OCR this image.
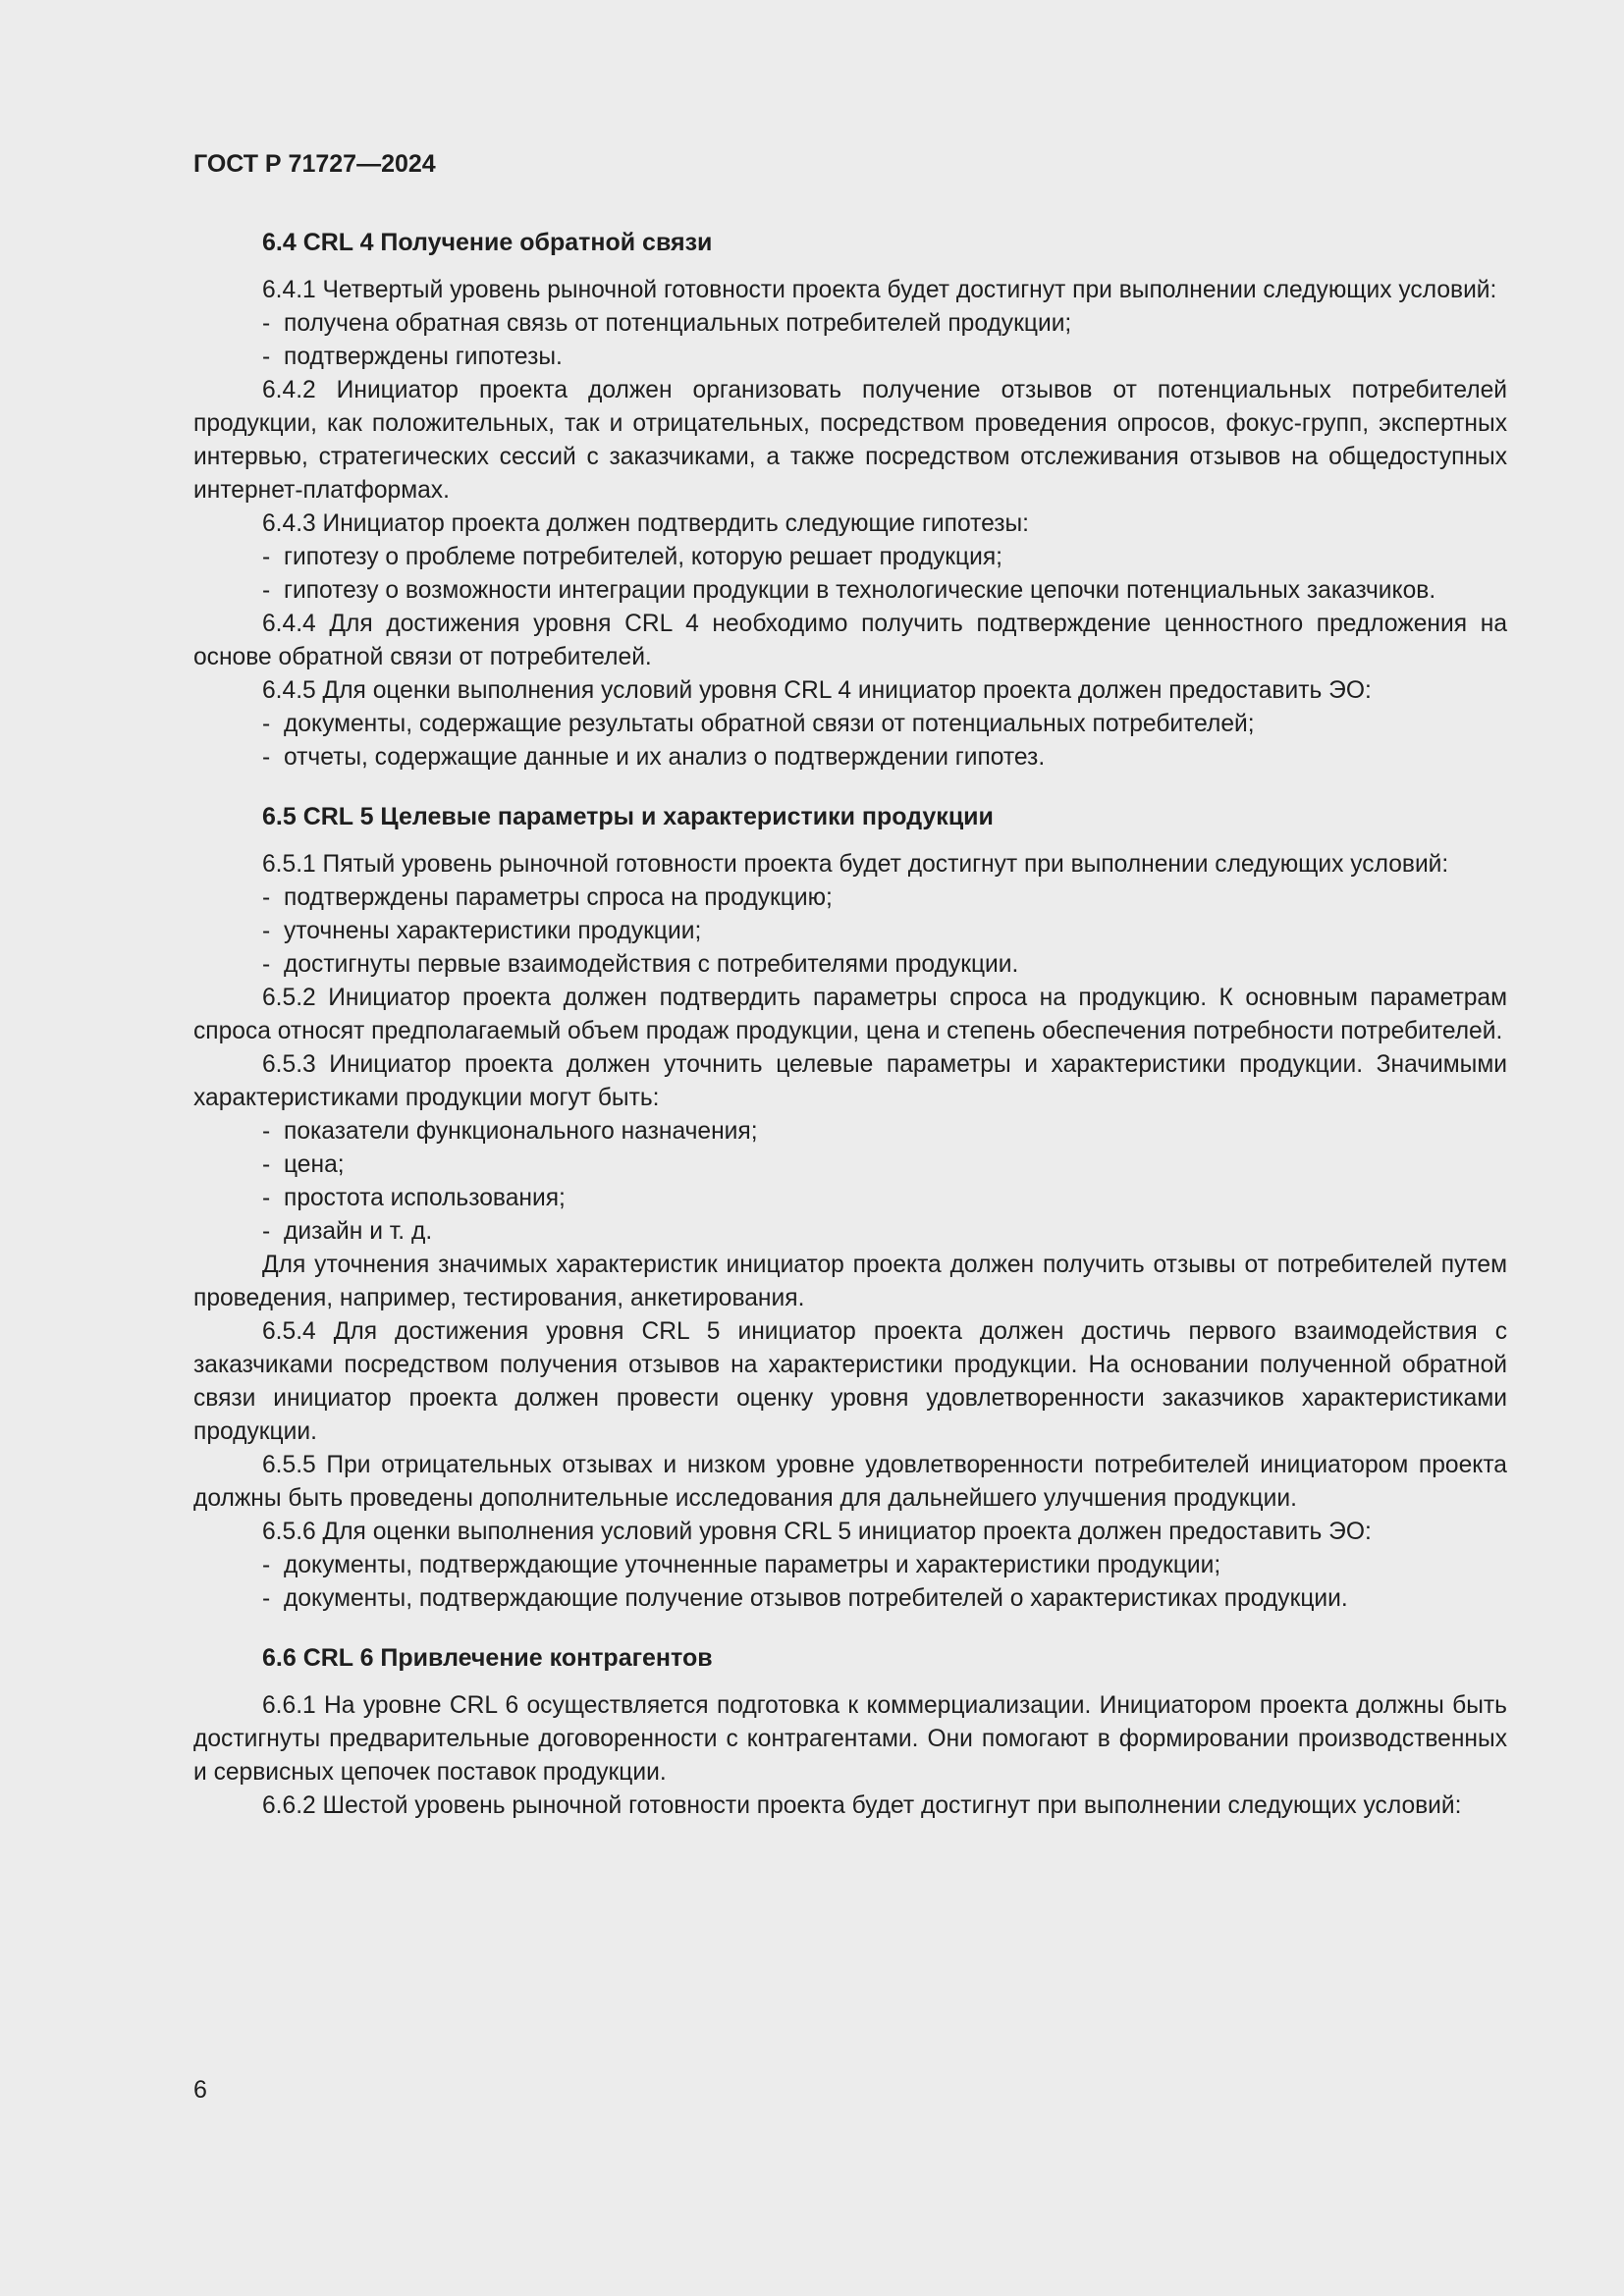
ГОСТ Р 71727—2024
6.4 CRL 4 Получение обратной связи

6.4.1 Четвертый уровень рыночной готовности проекта будет достигнут при выполнении следующих условий:

- получена обратная связь от потенциальных потребителей продукции;

- подтверждены гипотезы.

6.4.2 Инициатор проекта должен организовать получение отзывов от потенциальных потребителей продукции, как положительных, так и отрицательных, посредством проведения опросов, фокус-групп, экспертных интервью, стратегических сессий с заказчиками, а также посредством отслеживания отзывов на общедоступных интернет-платформах.

6.4.3 Инициатор проекта должен подтвердить следующие гипотезы:

- гипотезу о проблеме потребителей, которую решает продукция;

- гипотезу о возможности интеграции продукции в технологические цепочки потенциальных заказчиков.

6.4.4 Для достижения уровня CRL 4 необходимо получить подтверждение ценностного предложения на основе обратной связи от потребителей.

6.4.5 Для оценки выполнения условий уровня CRL 4 инициатор проекта должен предоставить ЭО:

- документы, содержащие результаты обратной связи от потенциальных потребителей;

- отчеты, содержащие данные и их анализ о подтверждении гипотез.

6.5 CRL 5 Целевые параметры и характеристики продукции

6.5.1 Пятый уровень рыночной готовности проекта будет достигнут при выполнении следующих условий:

- подтверждены параметры спроса на продукцию;

- уточнены характеристики продукции;

- достигнуты первые взаимодействия с потребителями продукции.

6.5.2 Инициатор проекта должен подтвердить параметры спроса на продукцию. К основным параметрам спроса относят предполагаемый объем продаж продукции, цена и степень обеспечения потребности потребителей.

6.5.3 Инициатор проекта должен уточнить целевые параметры и характеристики продукции. Значимыми характеристиками продукции могут быть:

- показатели функционального назначения;

- цена;

- простота использования;

- дизайн и т. д.

Для уточнения значимых характеристик инициатор проекта должен получить отзывы от потребителей путем проведения, например, тестирования, анкетирования.

6.5.4 Для достижения уровня CRL 5 инициатор проекта должен достичь первого взаимодействия с заказчиками посредством получения отзывов на характеристики продукции. На основании полученной обратной связи инициатор проекта должен провести оценку уровня удовлетворенности заказчиков характеристиками продукции.

6.5.5 При отрицательных отзывах и низком уровне удовлетворенности потребителей инициатором проекта должны быть проведены дополнительные исследования для дальнейшего улучшения продукции.

6.5.6 Для оценки выполнения условий уровня CRL 5 инициатор проекта должен предоставить ЭО:

- документы, подтверждающие уточненные параметры и характеристики продукции;

- документы, подтверждающие получение отзывов потребителей о характеристиках продукции.

6.6 CRL 6 Привлечение контрагентов

6.6.1 На уровне CRL 6 осуществляется подготовка к коммерциализации. Инициатором проекта должны быть достигнуты предварительные договоренности с контрагентами. Они помогают в формировании производственных и сервисных цепочек поставок продукции.

6.6.2 Шестой уровень рыночной готовности проекта будет достигнут при выполнении следующих условий:

6
